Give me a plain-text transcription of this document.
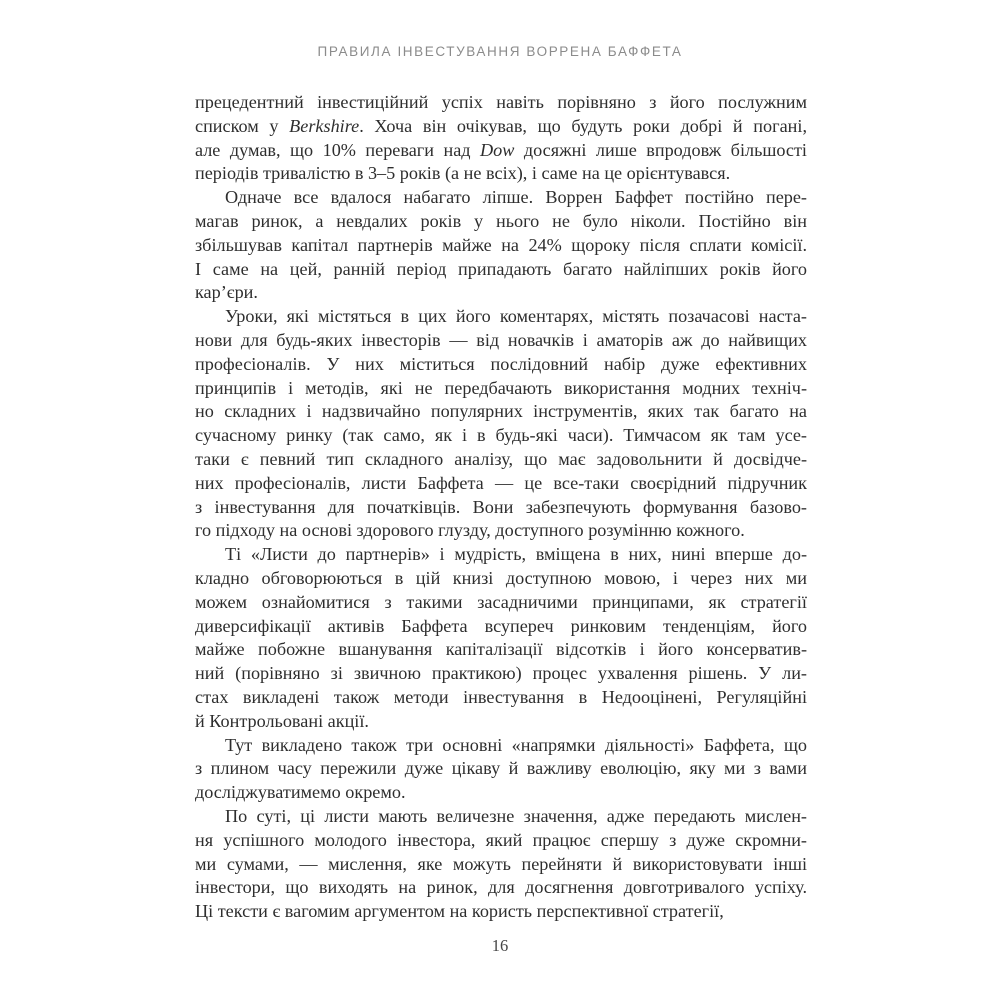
ПРАВИЛА ІНВЕСТУВАННЯ ВОРРЕНА БАФФЕТА
прецедентний інвестиційний успіх навіть порівняно з його послужним
списком у Berkshire. Хоча він очікував, що будуть роки добрі й погані,
але думав, що 10% переваги над Dow досяжні лише впродовж більшості
періодів тривалістю в 3–5 років (а не всіх), і саме на це орієнтувався.
Одначе все вдалося набагато ліпше. Воррен Баффет постійно пере-
магав ринок, а невдалих років у нього не було ніколи. Постійно він
збільшував капітал партнерів майже на 24% щороку після сплати комісії.
І саме на цей, ранній період припадають багато найліпших років його
кар’єри.
Уроки, які містяться в цих його коментарях, містять позачасові наста-
нови для будь-яких інвесторів — від новачків і аматорів аж до найвищих
професіоналів. У них міститься послідовний набір дуже ефективних
принципів і методів, які не передбачають використання модних техніч-
но складних і надзвичайно популярних інструментів, яких так багато на
сучасному ринку (так само, як і в будь-які часи). Тимчасом як там усе-
таки є певний тип складного аналізу, що має задовольнити й досвідче-
них професіоналів, листи Баффета — це все-таки своєрідний підручник
з інвестування для початківців. Вони забезпечують формування базово-
го підходу на основі здорового глузду, доступного розумінню кожного.
Ті «Листи до партнерів» і мудрість, вміщена в них, нині вперше до-
кладно обговорюються в цій книзі доступною мовою, і через них ми
можем ознайомитися з такими засадничими принципами, як стратегії
диверсифікації активів Баффета всупереч ринковим тенденціям, його
майже побожне вшанування капіталізації відсотків і його консерватив-
ний (порівняно зі звичною практикою) процес ухвалення рішень. У ли-
стах викладені також методи інвестування в Недооцінені, Регуляційні
й Контрольовані акції.
Тут викладено також три основні «напрямки діяльності» Баффета, що
з плином часу пережили дуже цікаву й важливу еволюцію, яку ми з вами
досліджуватимемо окремо.
По суті, ці листи мають величезне значення, адже передають мислен-
ня успішного молодого інвестора, який працює спершу з дуже скромни-
ми сумами, — мислення, яке можуть перейняти й використовувати інші
інвестори, що виходять на ринок, для досягнення довготривалого успіху.
Ці тексти є вагомим аргументом на користь перспективної стратегії,
16
